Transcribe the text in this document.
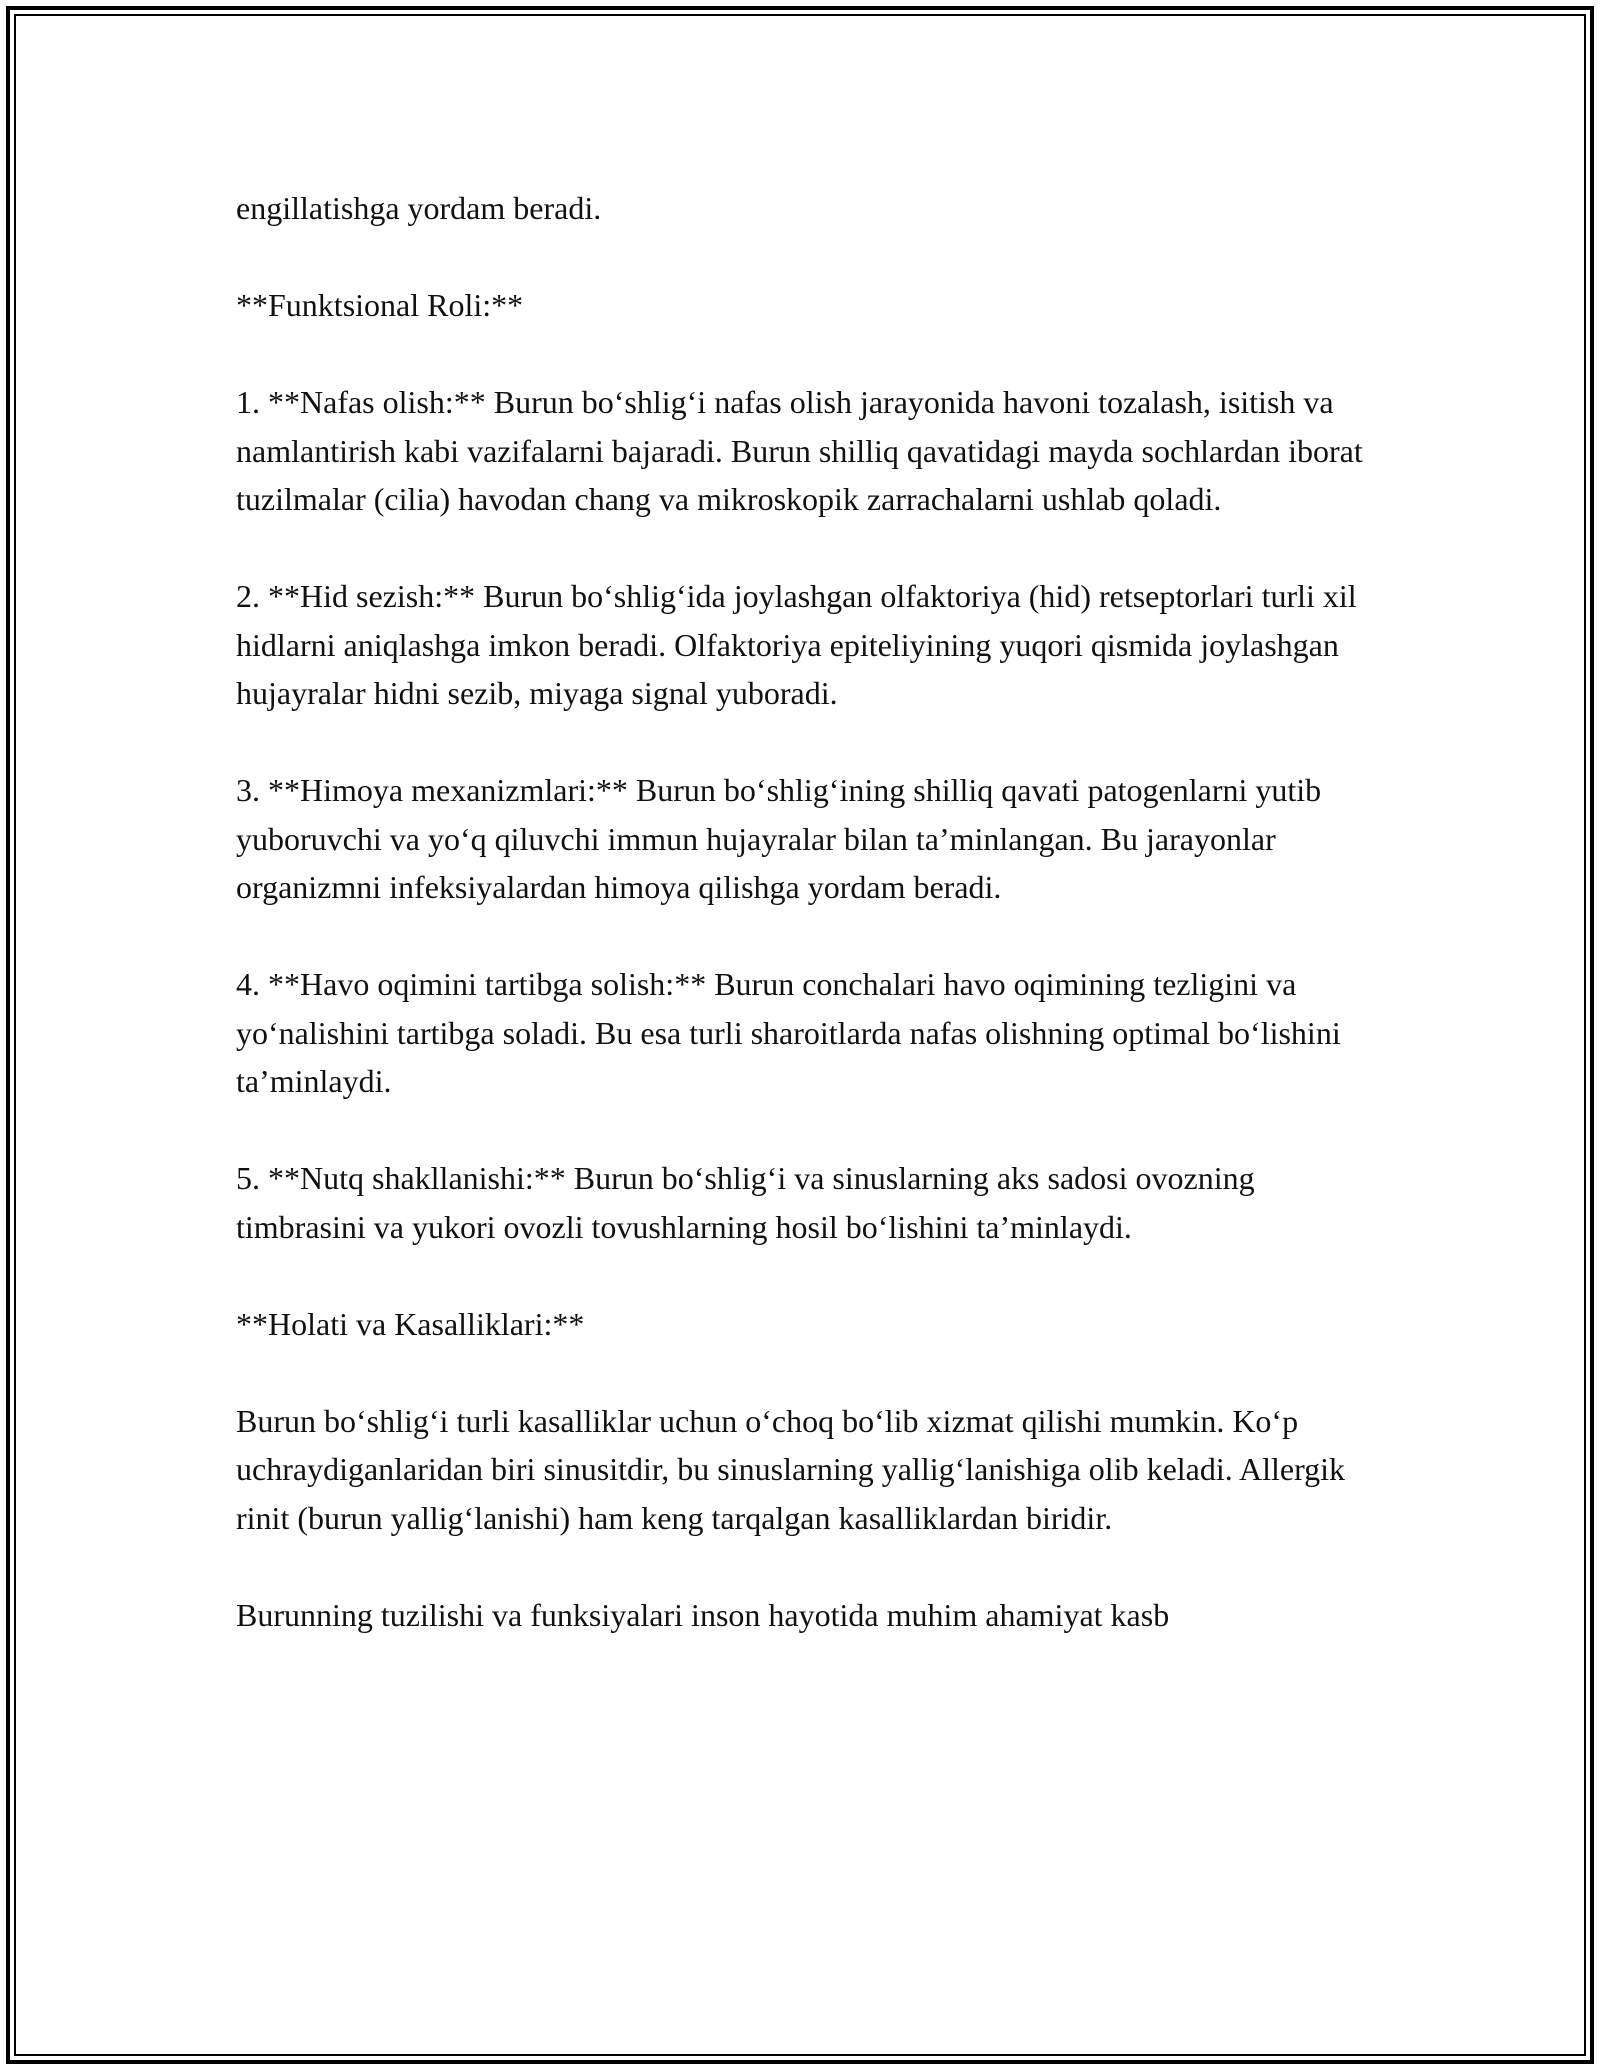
engillatishga yordam beradi.

**Funktsional Roli:**

1. **Nafas olish:** Burun bo‘shlig‘i nafas olish jarayonida havoni tozalash, isitish va namlantirish kabi vazifalarni bajaradi. Burun shilliq qavatidagi mayda sochlardan iborat tuzilmalar (cilia) havodan chang va mikroskopik zarrachalarni ushlab qoladi.

2. **Hid sezish:** Burun bo‘shlig‘ida joylashgan olfaktoriya (hid) retseptorlari turli xil hidlarni aniqlashga imkon beradi. Olfaktoriya epiteliyining yuqori qismida joylashgan hujayralar hidni sezib, miyaga signal yuboradi.

3. **Himoya mexanizmlari:** Burun bo‘shlig‘ining shilliq qavati patogenlarni yutib yuboruvchi va yo‘q qiluvchi immun hujayralar bilan ta’minlangan. Bu jarayonlar organizmni infeksiyalardan himoya qilishga yordam beradi.

4. **Havo oqimini tartibga solish:** Burun conchalari havo oqimining tezligini va yo‘nalishini tartibga soladi. Bu esa turli sharoitlarda nafas olishning optimal bo‘lishini ta’minlaydi.

5. **Nutq shakllanishi:** Burun bo‘shlig‘i va sinuslarning aks sadosi ovozning timbrasini va yukori ovozli tovushlarning hosil bo‘lishini ta’minlaydi.

**Holati va Kasalliklari:**

Burun bo‘shlig‘i turli kasalliklar uchun o‘choq bo‘lib xizmat qilishi mumkin. Ko‘p uchraydiganlaridan biri sinusitdir, bu sinuslarning yallig‘lanishiga olib keladi. Allergik rinit (burun yallig‘lanishi) ham keng tarqalgan kasalliklardan biridir.

Burunning tuzilishi va funksiyalari inson hayotida muhim ahamiyat kasb
